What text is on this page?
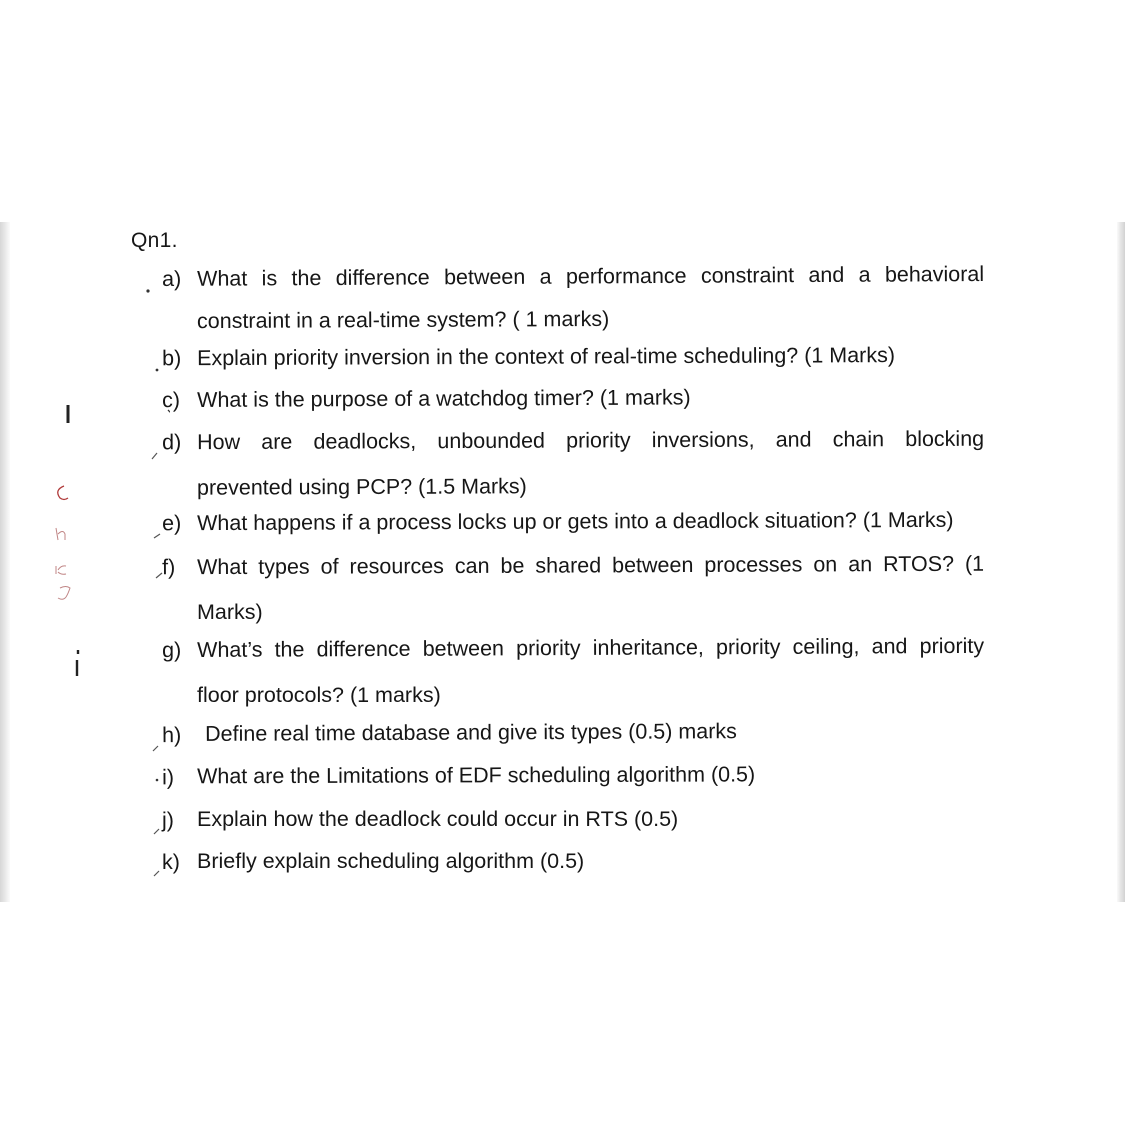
Qn1.
a) What is the difference between a performance constraint and a behavioral
constraint in a real-time system? ( 1 marks)
b) Explain priority inversion in the context of real-time scheduling? (1 Marks)
c) What is the purpose of a watchdog timer? (1 marks)
d) How are deadlocks, unbounded priority inversions, and chain blocking
prevented using PCP? (1.5 Marks)
e) What happens if a process locks up or gets into a deadlock situation? (1 Marks)
f)	What types of resources can be shared between processes on an RTOS? (1
Marks)
g) What’s the difference between priority inheritance, priority ceiling, and priority
floor protocols? (1 marks)
h)	Define real time database and give its types (0.5) marks
i)	What are the Limitations of EDF scheduling algorithm (0.5)
j)	Explain how the deadlock could occur in RTS (0.5)
k) Briefly explain scheduling algorithm (0.5)
